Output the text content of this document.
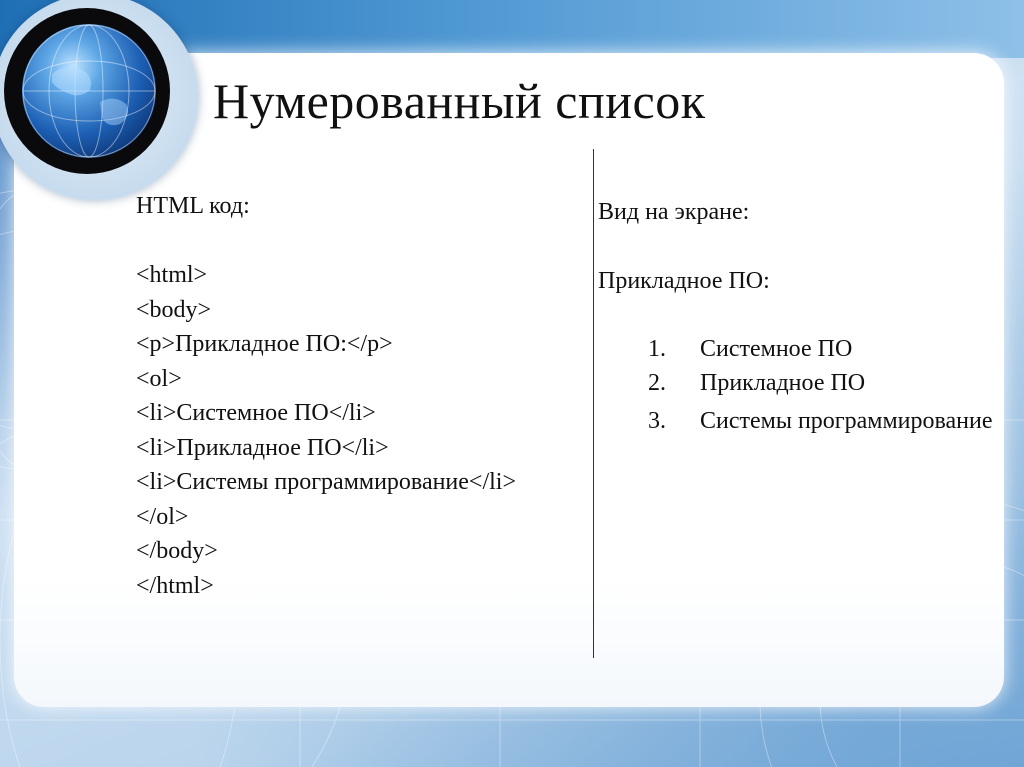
Нумерованный список
HTML код:
<html>
<body>
<p>Прикладное ПО:</p>
<ol>
<li>Системное ПО</li>
<li>Прикладное ПО</li>
<li>Системы программирование</li>
</ol>
</body>
</html>
Вид на экране:
Прикладное ПО:
1. Системное ПО
2. Прикладное ПО
3. Системы программирование
